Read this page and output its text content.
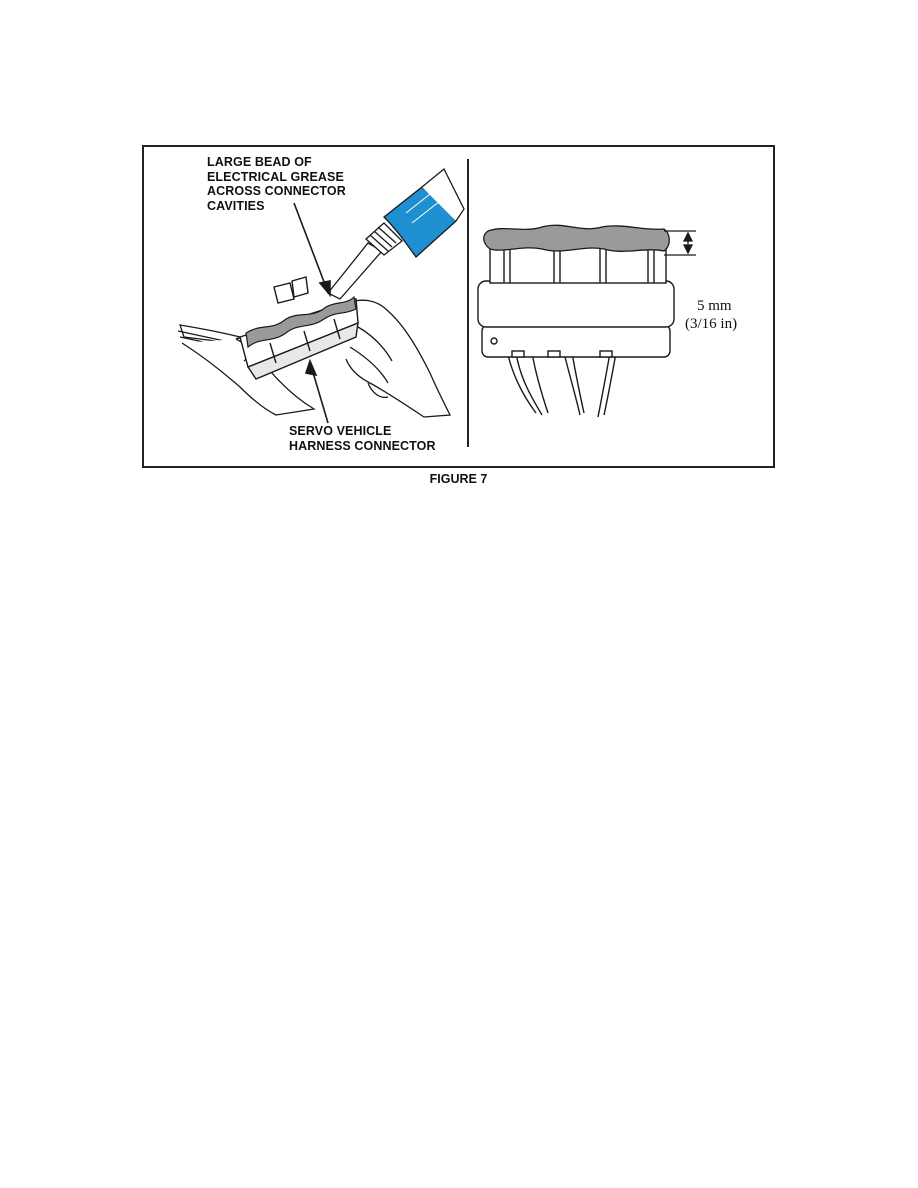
LARGE BEAD OF
ELECTRICAL GREASE
ACROSS CONNECTOR
CAVITIES
SERVO VEHICLE
HARNESS CONNECTOR
5 mm
(3/16 in)
FIGURE 7
